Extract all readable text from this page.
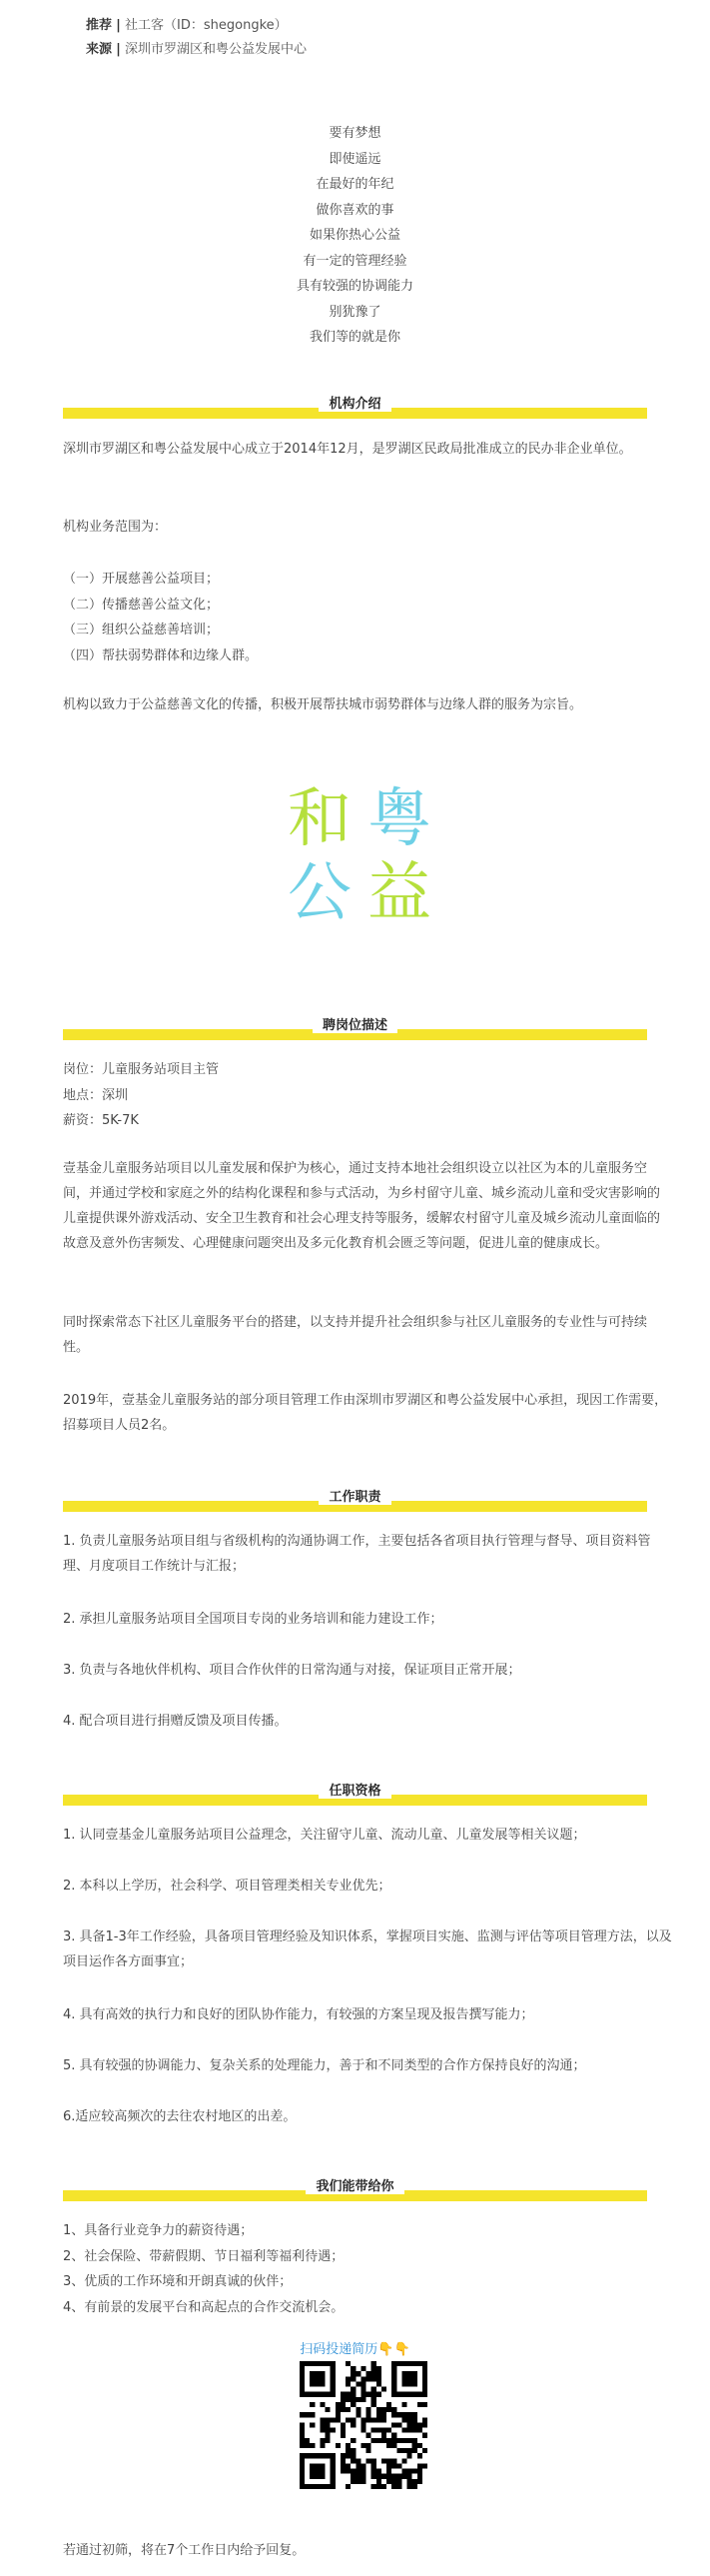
推荐 | 社工客（ID：shegongke）
来源 | 深圳市罗湖区和粤公益发展中心
要有梦想
即使遥远
在最好的年纪
做你喜欢的事
如果你热心公益
有一定的管理经验
具有较强的协调能力
别犹豫了
我们等的就是你
机构介绍
深圳市罗湖区和粤公益发展中心成立于2014年12月，是罗湖区民政局批准成立的民办非企业单位。
机构业务范围为：
（一）开展慈善公益项目；
（二）传播慈善公益文化；
（三）组织公益慈善培训；
（四）帮扶弱势群体和边缘人群。
机构以致力于公益慈善文化的传播，积极开展帮扶城市弱势群体与边缘人群的服务为宗旨。
和 粤
公 益
聘岗位描述
岗位：儿童服务站项目主管
地点：深圳
薪资：5K-7K
壹基金儿童服务站项目以儿童发展和保护为核心，通过支持本地社会组织设立以社区为本的儿童服务空间，并通过学校和家庭之外的结构化课程和参与式活动，为乡村留守儿童、城乡流动儿童和受灾害影响的儿童提供课外游戏活动、安全卫生教育和社会心理支持等服务，缓解农村留守儿童及城乡流动儿童面临的故意及意外伤害频发、心理健康问题突出及多元化教育机会匮乏等问题，促进儿童的健康成长。
同时探索常态下社区儿童服务平台的搭建，以支持并提升社会组织参与社区儿童服务的专业性与可持续性。
2019年，壹基金儿童服务站的部分项目管理工作由深圳市罗湖区和粤公益发展中心承担，现因工作需要，招募项目人员2名。
工作职责
1. 负责儿童服务站项目组与省级机构的沟通协调工作，主要包括各省项目执行管理与督导、项目资料管理、月度项目工作统计与汇报；
2. 承担儿童服务站项目全国项目专岗的业务培训和能力建设工作；
3. 负责与各地伙伴机构、项目合作伙伴的日常沟通与对接，保证项目正常开展；
4. 配合项目进行捐赠反馈及项目传播。
任职资格
1. 认同壹基金儿童服务站项目公益理念，关注留守儿童、流动儿童、儿童发展等相关议题；
2. 本科以上学历，社会科学、项目管理类相关专业优先；
3. 具备1-3年工作经验，具备项目管理经验及知识体系，掌握项目实施、监测与评估等项目管理方法，以及项目运作各方面事宜；
4. 具有高效的执行力和良好的团队协作能力，有较强的方案呈现及报告撰写能力；
5. 具有较强的协调能力、复杂关系的处理能力，善于和不同类型的合作方保持良好的沟通；
6.适应较高频次的去往农村地区的出差。
我们能带给你
1、具备行业竞争力的薪资待遇；
2、社会保险、带薪假期、节日福利等福利待遇；
3、优质的工作环境和开朗真诚的伙伴；
4、有前景的发展平台和高起点的合作交流机会。
扫码投递简历👇👇
若通过初筛，将在7个工作日内给予回复。
